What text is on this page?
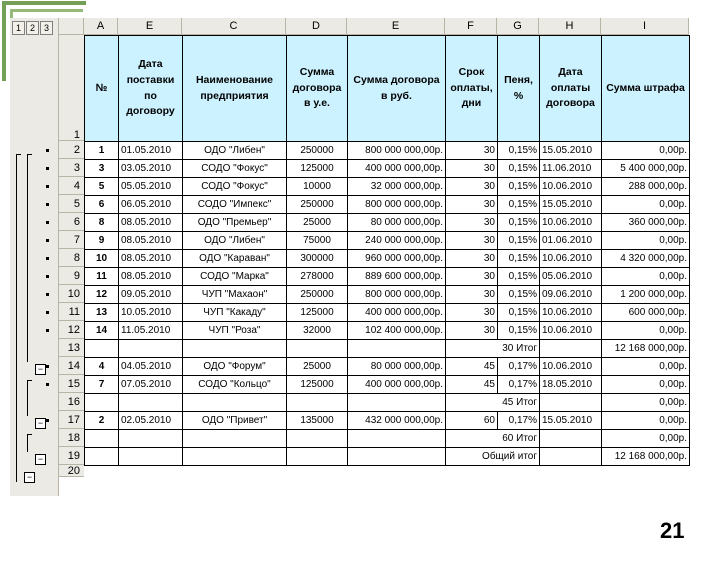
1 2 3
−
−
−
−
A	E	C	D	E	F	G	H	I
1
2
3
4
5
6
7
8
9
10
11
12
13
14
15
16
17
18
19
20
№	Дата поставки по договору	Наименование предприятия	Сумма договора в у.е.	Сумма договора в руб.	Срок оплаты, дни	Пеня, %	Дата оплаты договора	Сумма штрафа
1	01.05.2010	ОДО "Либен"	250000	800 000 000,00р.	30	0,15%	15.05.2010	0,00р.
3	03.05.2010	СОДО "Фокус"	125000	400 000 000,00р.	30	0,15%	11.06.2010	5 400 000,00р.
5	05.05.2010	СОДО "Фокус"	10000	32 000 000,00р.	30	0,15%	10.06.2010	288 000,00р.
6	06.05.2010	СОДО "Импекс"	250000	800 000 000,00р.	30	0,15%	15.05.2010	0,00р.
8	08.05.2010	ОДО "Премьер"	25000	80 000 000,00р.	30	0,15%	10.06.2010	360 000,00р.
9	08.05.2010	ОДО "Либен"	75000	240 000 000,00р.	30	0,15%	01.06.2010	0,00р.
10	08.05.2010	ОДО "Караван"	300000	960 000 000,00р.	30	0,15%	10.06.2010	4 320 000,00р.
11	08.05.2010	СОДО "Марка"	278000	889 600 000,00р.	30	0,15%	05.06.2010	0,00р.
12	09.05.2010	ЧУП "Махаон"	250000	800 000 000,00р.	30	0,15%	09.06.2010	1 200 000,00р.
13	10.05.2010	ЧУП "Какаду"	125000	400 000 000,00р.	30	0,15%	10.06.2010	600 000,00р.
14	11.05.2010	ЧУП "Роза"	32000	102 400 000,00р.	30	0,15%	10.06.2010	0,00р.
					30 Итог			12 168 000,00р.
4	04.05.2010	ОДО "Форум"	25000	80 000 000,00р.	45	0,17%	10.06.2010	0,00р.
7	07.05.2010	СОДО "Кольцо"	125000	400 000 000,00р.	45	0,17%	18.05.2010	0,00р.
					45 Итог			0,00р.
2	02.05.2010	ОДО "Привет"	135000	432 000 000,00р.	60	0,17%	15.05.2010	0,00р.
					60 Итог			0,00р.
					Общий итог			12 168 000,00р.

21
